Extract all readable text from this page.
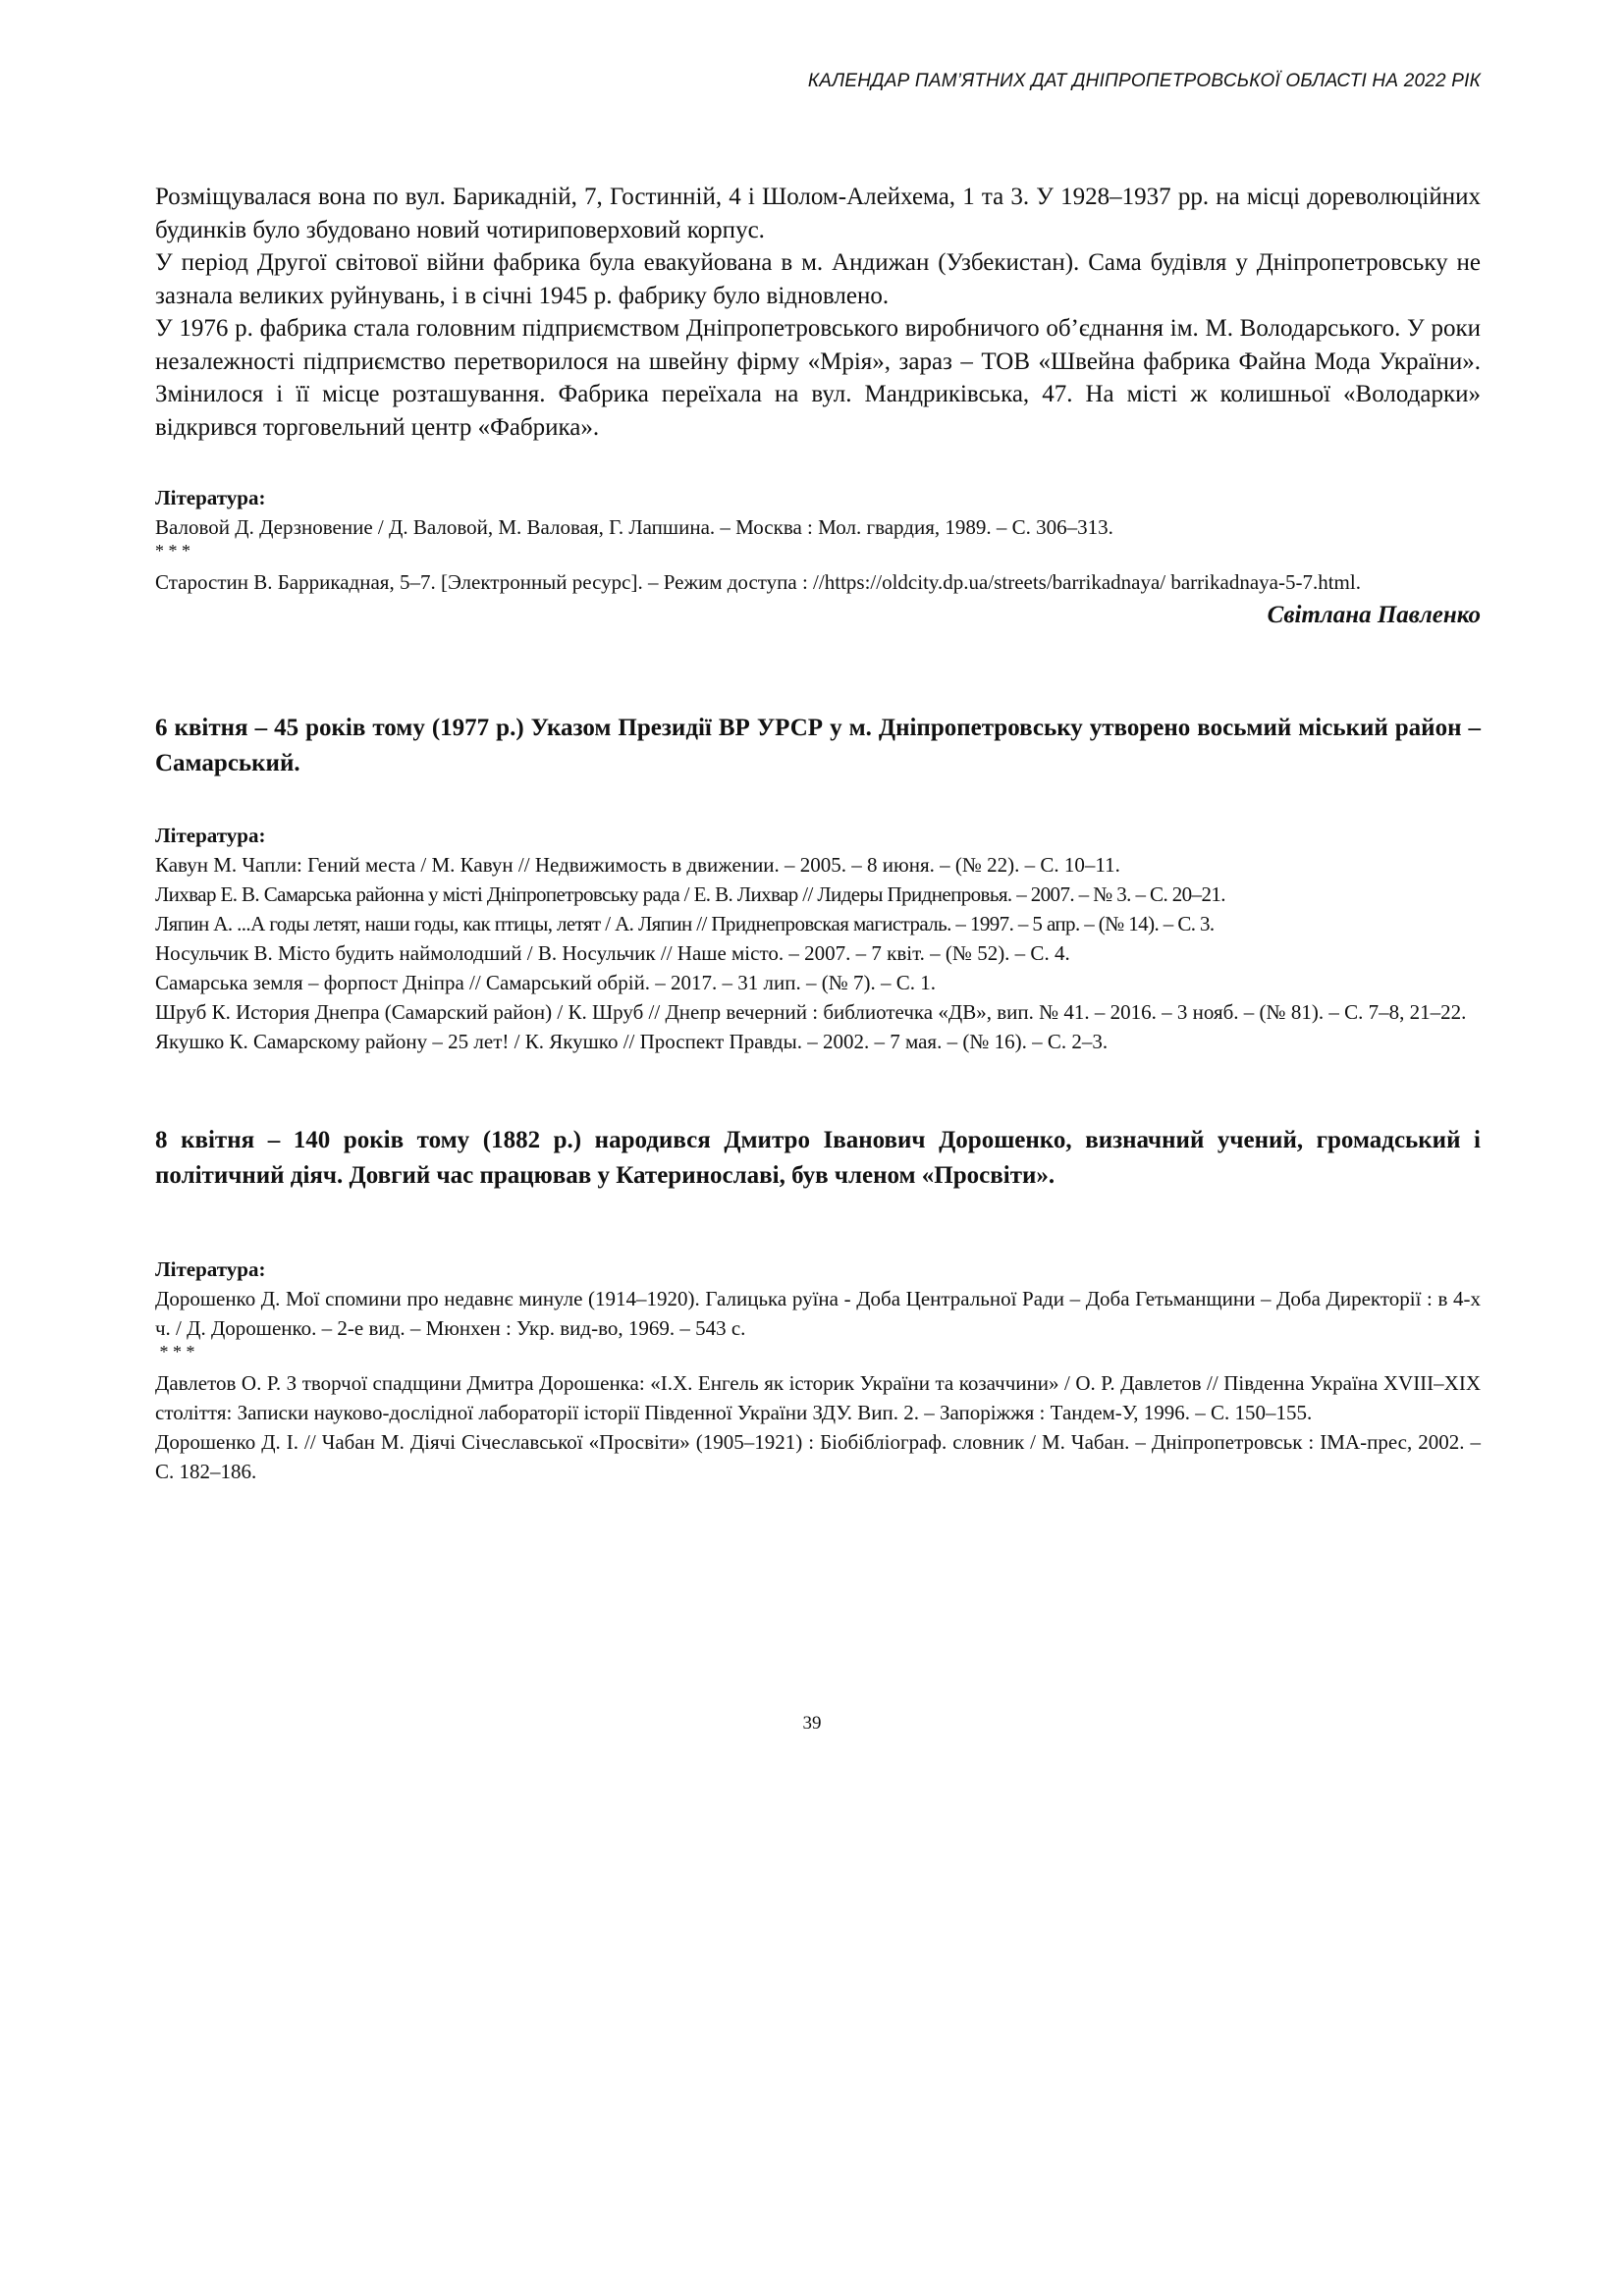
КАЛЕНДАР ПАМ’ЯТНИХ ДАТ ДНІПРОПЕТРОВСЬКОЇ ОБЛАСТІ НА 2022 РІК

Розміщувалася вона по вул. Барикадній, 7, Гостинній, 4 і Шолом-Алейхема, 1 та 3. У 1928–1937 рр. на місці дореволюційних будинків було збудовано новий чотириповерховий корпус.

У період Другої світової війни фабрика була евакуйована в м. Андижан (Узбекистан). Сама будівля у Дніпропетровську не зазнала великих руйнувань, і в січні 1945 р. фабрику було відновлено.

У 1976 р. фабрика стала головним підприємством Дніпропетровського виробничого об’єднання ім. М. Володарського. У роки незалежності підприємство перетворилося на швейну фірму «Мрія», зараз – ТОВ «Швейна фабрика Файна Мода України». Змінилося і її місце розташування. Фабрика переїхала на вул. Мандриківська, 47. На місті ж колишньої «Володарки» відкрився торговельний центр «Фабрика».

Література:

Валовой Д. Дерзновение / Д. Валовой, М. Валовая, Г. Лапшина. – Москва : Мол. гвардия, 1989. – С. 306–313.

* * *

Старостин В. Баррикадная, 5–7. [Электронный ресурс]. – Режим доступа : //https://oldcity.dp.ua/streets/barrikadnaya/ barrikadnaya-5-7.html.

Світлана Павленко

6 квітня – 45 років тому (1977 р.) Указом Президії ВР УРСР у м. Дніпропетровську утворено восьмий міський район – Самарський.

Література:

Кавун М. Чапли: Гений места / М. Кавун // Недвижимость в движении. – 2005. – 8 июня. – (№ 22). – С. 10–11.

Лихвар Е. В. Самарська районна у місті Дніпропетровську рада / Е. В. Лихвар // Лидеры Приднепровья. – 2007. – № 3. – С. 20–21.

Ляпин А. ...А годы летят, наши годы, как птицы, летят / А. Ляпин // Приднепровская магистраль. – 1997. – 5 апр. – (№ 14). – С. 3.

Носульчик В. Місто будить наймолодший / В. Носульчик // Наше місто. – 2007. – 7 квіт. – (№ 52). – С. 4.

Самарська земля – форпост Дніпра // Самарський обрій. – 2017. – 31 лип. – (№ 7). – С. 1.

Шруб К. История Днепра (Самарский район) / К. Шруб // Днепр вечерний : библиотечка «ДВ», вип. № 41. – 2016. – 3 нояб. – (№ 81). – С. 7–8, 21–22.

Якушко К. Самарскому району – 25 лет! / К. Якушко // Проспект Правды. – 2002. – 7 мая. – (№ 16). – С. 2–3.

8 квітня – 140 років тому (1882 р.) народився Дмитро Іванович Дорошенко, визначний учений, громадський і політичний діяч. Довгий час працював у Катеринославі, був членом «Просвіти».

Література:

Дорошенко Д. Мої спомини про недавнє минуле (1914–1920). Галицька руїна - Доба Центральної Ради – Доба Гетьманщини – Доба Директорії : в 4-х ч. / Д. Дорошенко. – 2-е вид. – Мюнхен : Укр. вид-во, 1969. – 543 с.

* * *

Давлетов О. Р. З творчої спадщини Дмитра Дорошенка: «І.Х. Енгель як історик України та козаччини» / О. Р. Давлетов // Південна Україна XVIII–XIX століття: Записки науково-дослідної лабораторії історії Південної України ЗДУ. Вип. 2. – Запоріжжя : Тандем-У, 1996. – С. 150–155.

Дорошенко Д. І. // Чабан М. Діячі Січеславської «Просвіти» (1905–1921) : Біобібліограф. словник / М. Чабан. – Дніпропетровськ : ІМА-прес, 2002. – С. 182–186.

39
